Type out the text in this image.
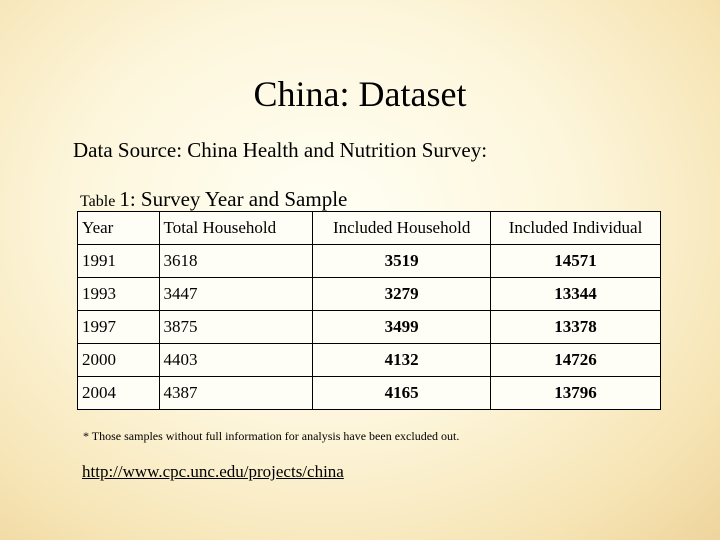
China: Dataset
Data Source: China Health and Nutrition Survey:
Table 1: Survey Year and Sample
Year	Total Household	Included Household	Included Individual
1991	3618	3519	14571
1993	3447	3279	13344
1997	3875	3499	13378
2000	4403	4132	14726
2004	4387	4165	13796
* Those samples without full information for analysis have been excluded out.
http://www.cpc.unc.edu/projects/china
